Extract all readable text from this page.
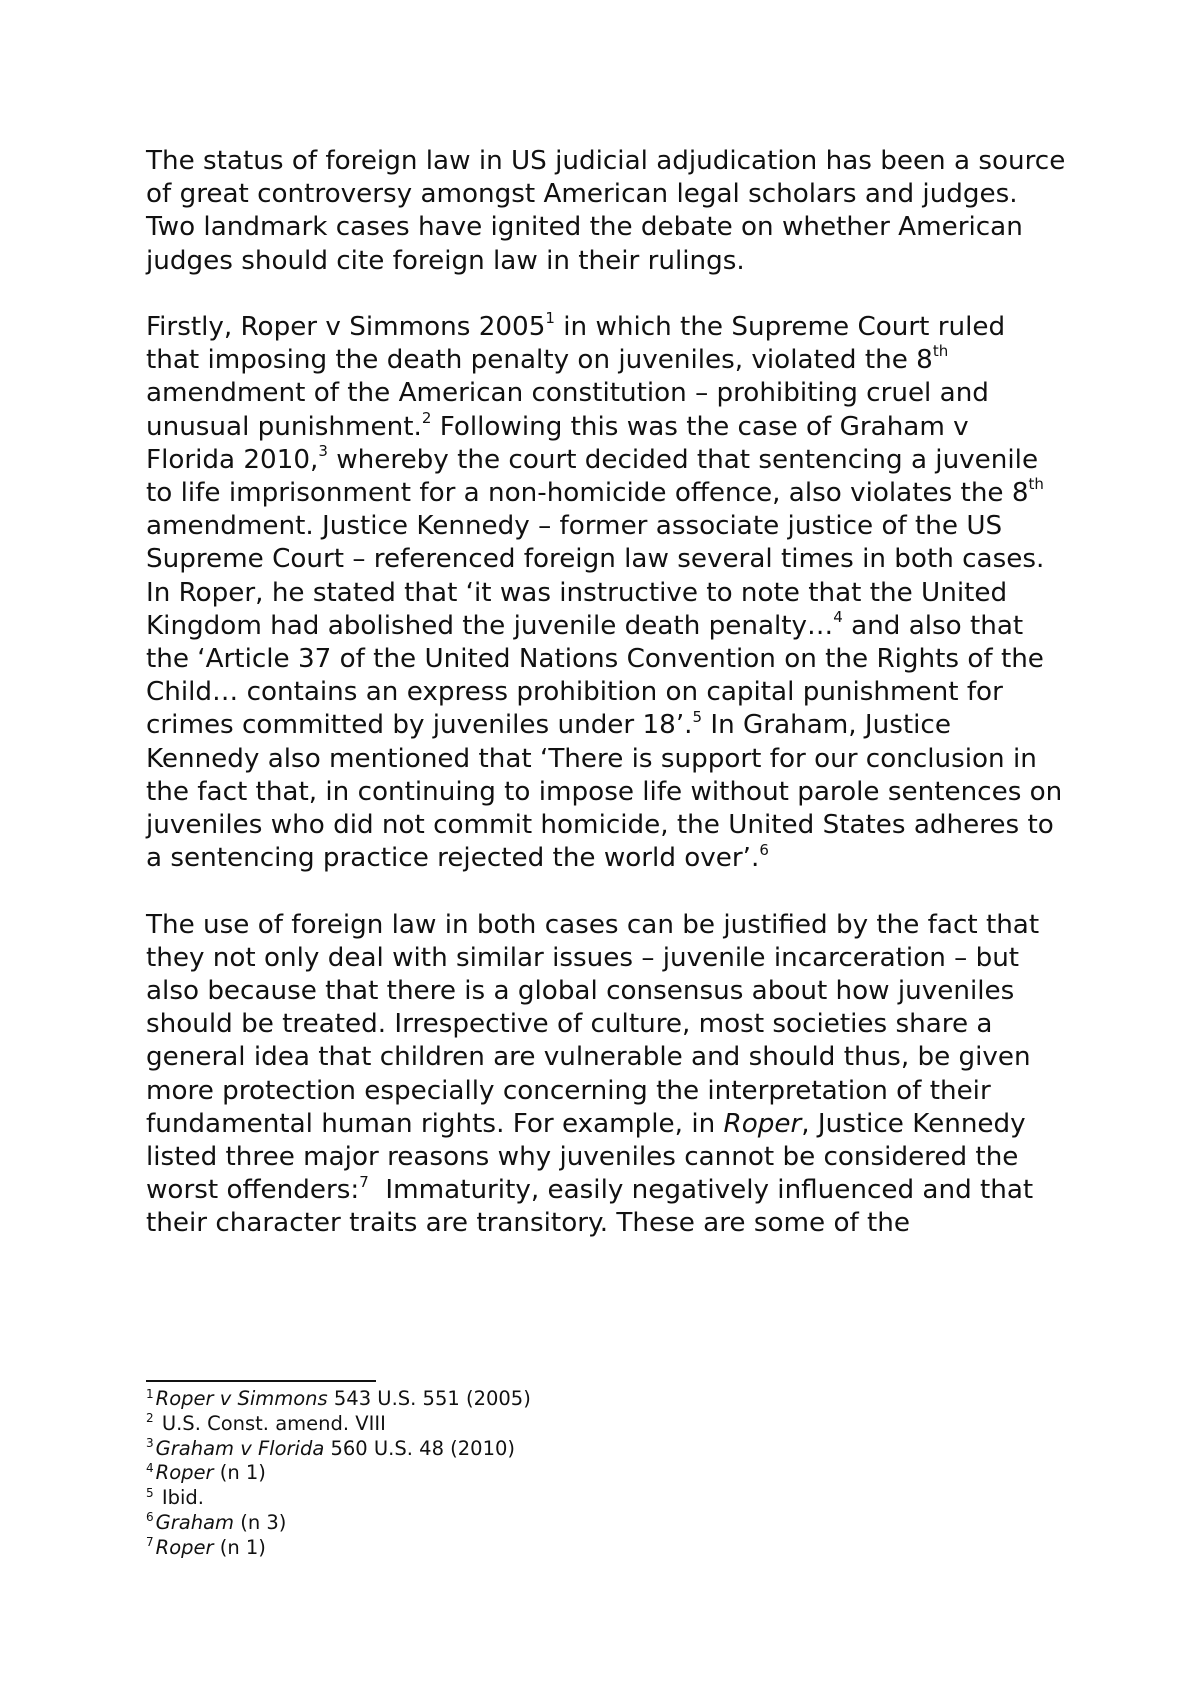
The status of foreign law in US judicial adjudication has been a source of great controversy amongst American legal scholars and judges. Two landmark cases have ignited the debate on whether American judges should cite foreign law in their rulings.

Firstly, Roper v Simmons 2005$^1$ in which the Supreme Court ruled that imposing the death penalty on juveniles, violated the 8th amendment of the American constitution – prohibiting cruel and unusual punishment.$^2$ Following this was the case of Graham v Florida 2010,$^3$ whereby the court decided that sentencing a juvenile to life imprisonment for a non-homicide offence, also violates the 8th amendment. Justice Kennedy – former associate justice of the US Supreme Court – referenced foreign law several times in both cases. In Roper, he stated that ‘it was instructive to note that the United Kingdom had abolished the juvenile death penalty…$^4$ and also that the ‘Article 37 of the United Nations Convention on the Rights of the Child… contains an express prohibition on capital punishment for crimes committed by juveniles under 18’.$^5$ In Graham, Justice Kennedy also mentioned that ‘There is support for our conclusion in the fact that, in continuing to impose life without parole sentences on juveniles who did not commit homicide, the United States adheres to a sentencing practice rejected the world over’.$^6$

The use of foreign law in both cases can be justified by the fact that they not only deal with similar issues – juvenile incarceration – but also because that there is a global consensus about how juveniles should be treated. Irrespective of culture, most societies share a general idea that children are vulnerable and should thus, be given more protection especially concerning the interpretation of their fundamental human rights. For example, in Roper, Justice Kennedy listed three major reasons why juveniles cannot be considered the worst offenders:$^7$  Immaturity, easily negatively influenced and that their character traits are transitory. These are some of the

$^1$ Roper v Simmons 543 U.S. 551 (2005)

$^2$ U.S. Const. amend. VIII

$^3$ Graham v Florida 560 U.S. 48 (2010)

$^4$ Roper (n 1)

$^5$ Ibid.

$^6$ Graham (n 3)

$^7$ Roper (n 1)
